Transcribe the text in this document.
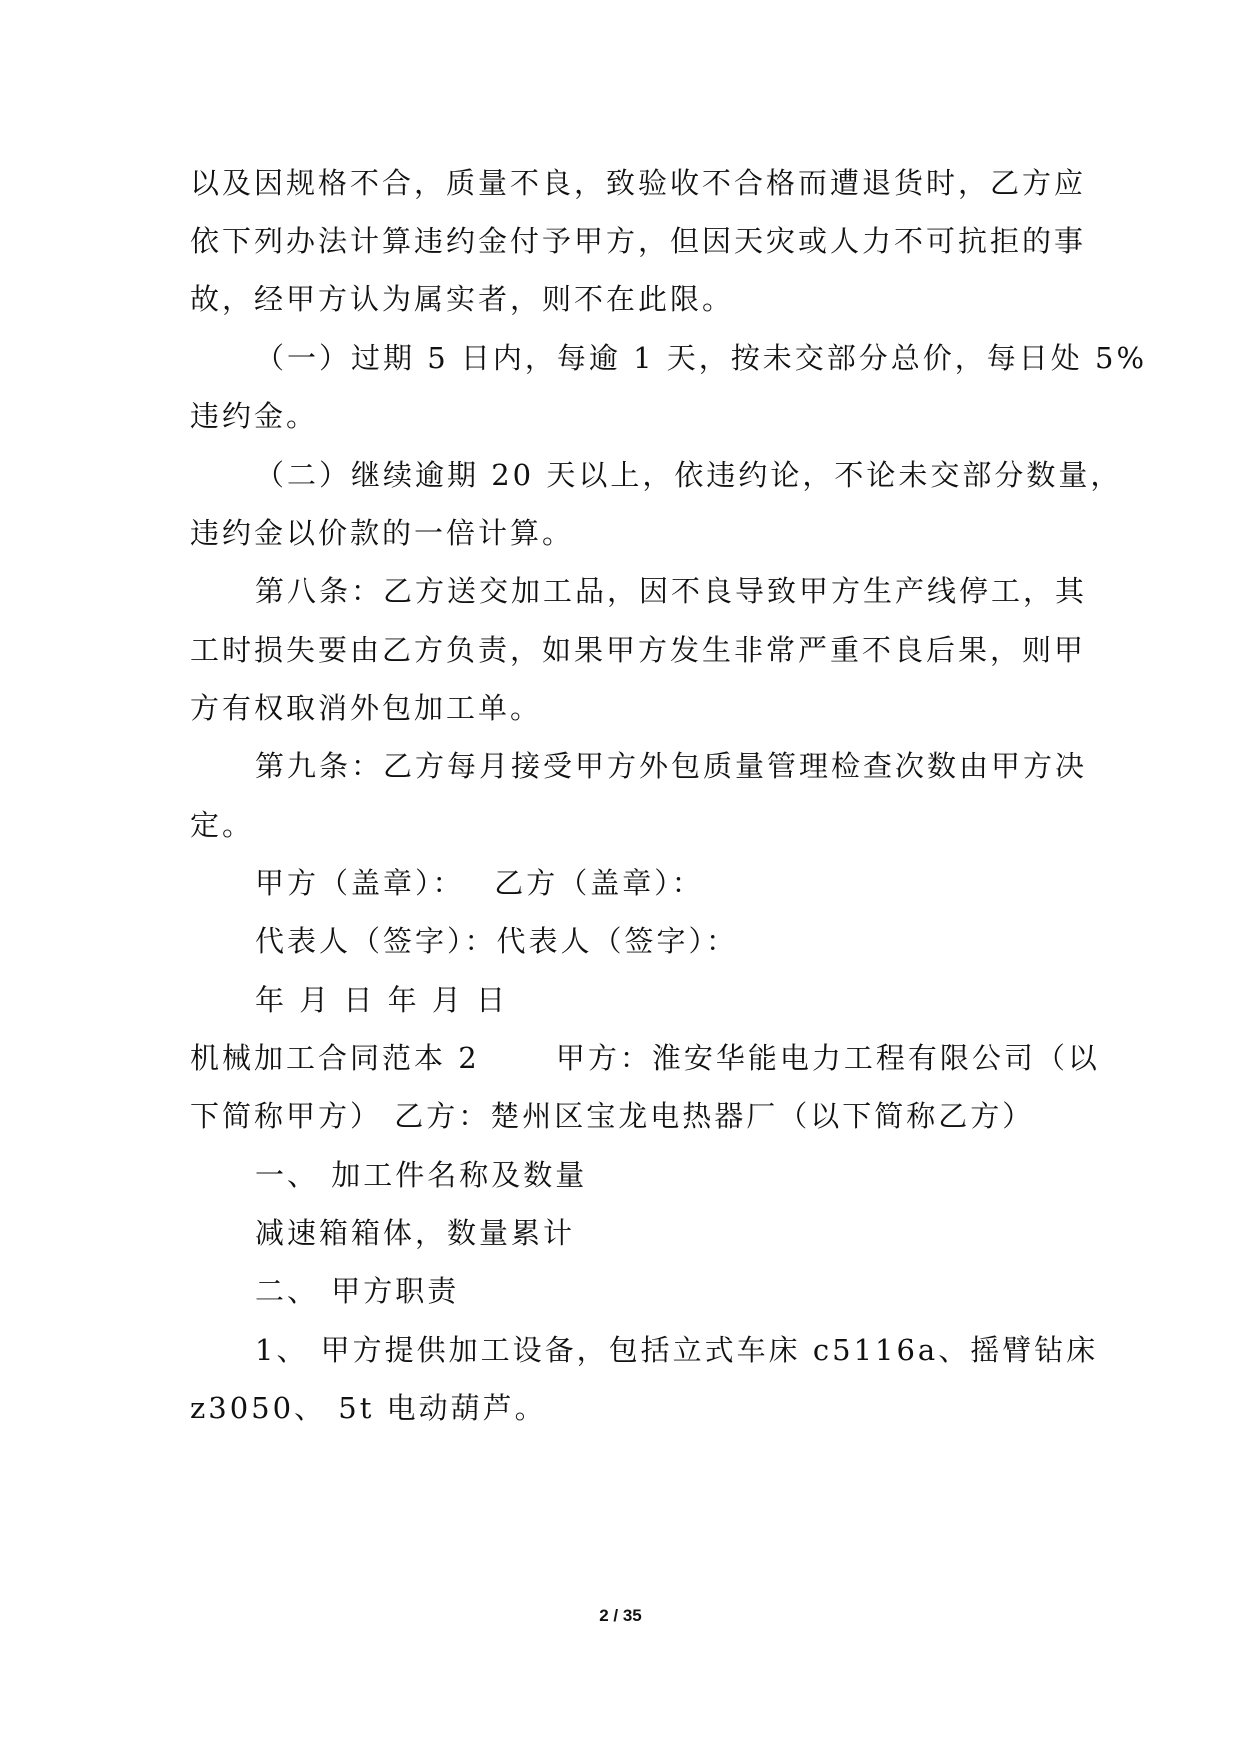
以及因规格不合，质量不良，致验收不合格而遭退货时，乙方应
依下列办法计算违约金付予甲方，但因天灾或人力不可抗拒的事
故，经甲方认为属实者，则不在此限。
（一）过期 5 日内，每逾 1 天，按未交部分总价，每日处 5%
违约金。
（二）继续逾期 20 天以上，依违约论，不论未交部分数量，
违约金以价款的一倍计算。
第八条：乙方送交加工品，因不良导致甲方生产线停工，其
工时损失要由乙方负责，如果甲方发生非常严重不良后果，则甲
方有权取消外包加工单。
第九条：乙方每月接受甲方外包质量管理检查次数由甲方决
定。
甲方（盖章）：　 乙方（盖章）：
代表人（签字）：代表人（签字）：
年 月 日 年 月 日
机械加工合同范本 2　　 甲方：淮安华能电力工程有限公司（以
下简称甲方） 乙方：楚州区宝龙电热器厂（以下简称乙方）
一、 加工件名称及数量
减速箱箱体，数量累计
二、 甲方职责
1、 甲方提供加工设备，包括立式车床 c5116a、摇臂钻床
z3050、 5t 电动葫芦。
2 / 35
